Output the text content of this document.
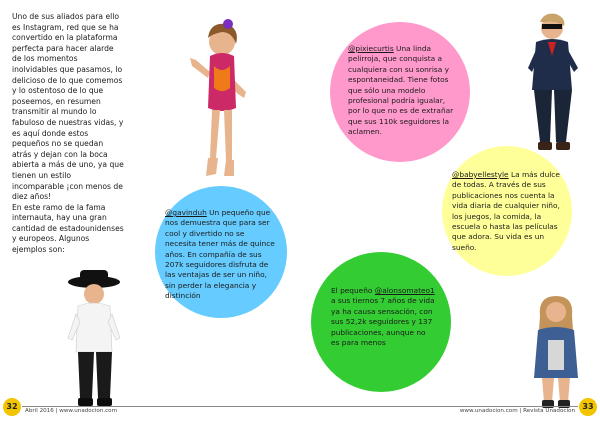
Uno de sus aliados para ello es Instagram, red que se ha convertido en la plataforma perfecta para hacer alarde de los momentos inolvidables que pasamos, lo delicioso de lo que comemos y lo ostentoso de lo que poseemos, en resumen transmitir al mundo lo fabuloso de nuestras vidas, y es aquí donde estos pequeños no se quedan atrás y dejan con la boca abierta a más de uno, ya que tienen un estilo incomparable ¡con menos de diez años!

En este ramo de la fama internauta, hay una gran cantidad de estadounidenses y europeos. Algunos ejemplos son:

@pixiecurtis Una linda pelirroja, que conquista a cualquiera con su sonrisa y espontaneidad. Tiene fotos que sólo una modelo profesional podría igualar, por lo que no es de extrañar que sus 110k seguidores la aclamen.

@babyellestyle La más dulce de todas. A través de sus publicaciones nos cuenta la vida diaria de cualquier niño, los juegos, la comida, la escuela o hasta las películas que adora. Su vida es un sueño.

@gavinduh Un pequeño que nos demuestra que para ser cool y divertido no se necesita tener más de quince años. En compañía de sus 207k seguidores disfruta de las ventajas de ser un niño, sin perder la elegancia y distinción

El pequeño @alonsomateo1 a sus tiernos 7 años de vida ya ha causa sensación, con sus 52,2k seguidores y 137 publicaciones, aunque no es para menos

32	Abril 2016 | www.unadocion.com	www.unadocion.com | Revista Unadocion 33
